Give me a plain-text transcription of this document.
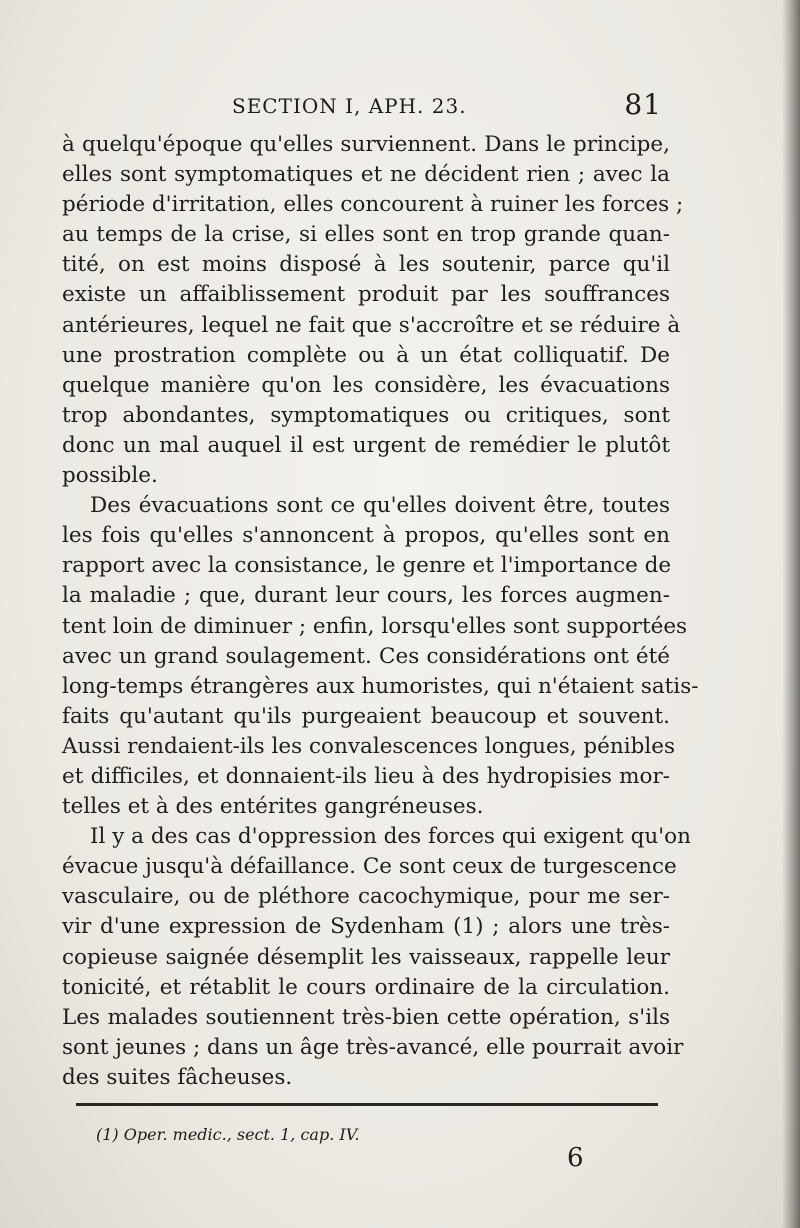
SECTION I, APH. 23.	81

à quelqu'époque qu'elles surviennent. Dans le principe,
elles sont symptomatiques et ne décident rien ; avec la
période d'irritation, elles concourent à ruiner les forces ;
au temps de la crise, si elles sont en trop grande quan-
tité, on est moins disposé à les soutenir, parce qu'il
existe un affaiblissement produit par les souffrances
antérieures, lequel ne fait que s'accroître et se réduire à
une prostration complète ou à un état colliquatif. De
quelque manière qu'on les considère, les évacuations
trop abondantes, symptomatiques ou critiques, sont
donc un mal auquel il est urgent de remédier le plutôt
possible.

Des évacuations sont ce qu'elles doivent être, toutes
les fois qu'elles s'annoncent à propos, qu'elles sont en
rapport avec la consistance, le genre et l'importance de
la maladie ; que, durant leur cours, les forces augmen-
tent loin de diminuer ; enfin, lorsqu'elles sont supportées
avec un grand soulagement. Ces considérations ont été
long-temps étrangères aux humoristes, qui n'étaient satis-
faits qu'autant qu'ils purgeaient beaucoup et souvent.
Aussi rendaient-ils les convalescences longues, pénibles
et difficiles, et donnaient-ils lieu à des hydropisies mor-
telles et à des entérites gangréneuses.

Il y a des cas d'oppression des forces qui exigent qu'on
évacue jusqu'à défaillance. Ce sont ceux de turgescence
vasculaire, ou de pléthore cacochymique, pour me ser-
vir d'une expression de Sydenham (1) ; alors une très-
copieuse saignée désemplit les vaisseaux, rappelle leur
tonicité, et rétablit le cours ordinaire de la circulation.
Les malades soutiennent très-bien cette opération, s'ils
sont jeunes ; dans un âge très-avancé, elle pourrait avoir
des suites fâcheuses.

(1) Oper. medic., sect. 1, cap. IV.
6
